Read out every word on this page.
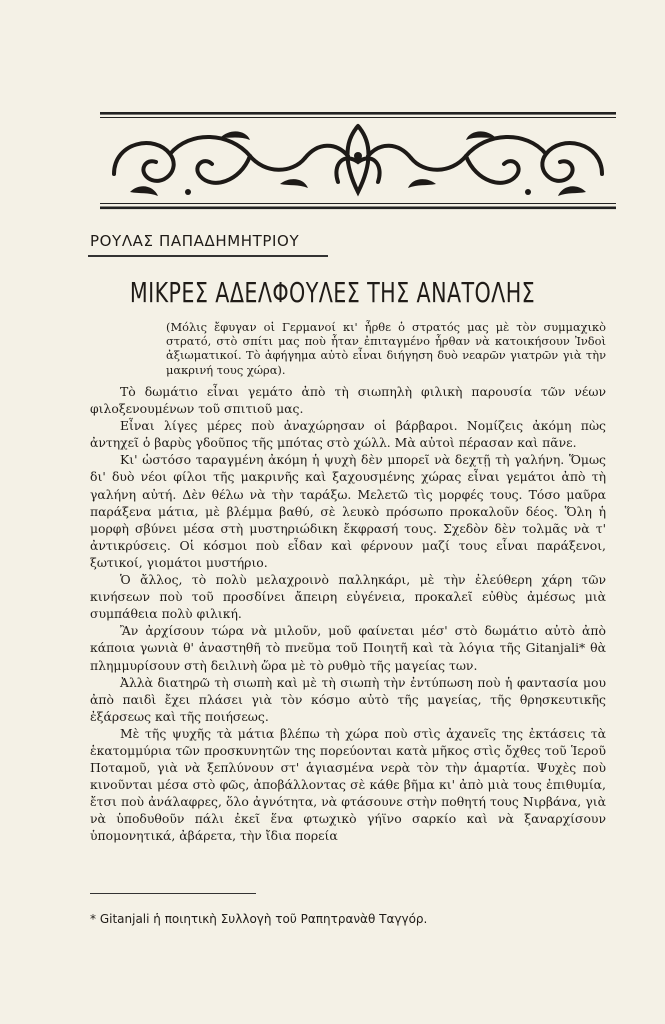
ΡΟΥΛΑΣ ΠΑΠΑΔΗΜΗΤΡΙΟΥ
ΜΙΚΡΕΣ ΑΔΕΛΦΟΥΛΕΣ ΤΗΣ ΑΝΑΤΟΛΗΣ
(Μόλις ἔφυγαν οἱ Γερμανοί κι' ἦρθε ὁ στρατός μας μὲ τὸν συμμαχικὸ στρατό, στὸ σπίτι μας ποὺ ἦταν ἐπιταγμένο ἦρθαν νὰ κατοικήσουν Ἰνδοὶ ἀξιωματικοί. Τὸ ἀφήγημα αὐτὸ εἶναι διήγηση δυὸ νεαρῶν γιατρῶν γιὰ τὴν μακρινή τους χώρα).

Τὸ δωμάτιο εἶναι γεμάτο ἀπὸ τὴ σιωπηλὴ φιλικὴ παρουσία τῶν νέων φιλοξενουμένων τοῦ σπιτιοῦ μας.

Εἶναι λίγες μέρες ποὺ ἀναχώρησαν οἱ βάρβαροι. Νομίζεις ἀκόμη πὼς ἀντηχεῖ ὁ βαρὺς γδοῦπος τῆς μπότας στὸ χώλλ. Μὰ αὐτοὶ πέρασαν καὶ πᾶνε.

Κι' ὡστόσο ταραγμένη ἀκόμη ἡ ψυχὴ δὲν μπορεῖ νὰ δεχτῇ τὴ γαλήνη. Ὅμως δι' δυὸ νέοι φίλοι τῆς μακρινῆς καὶ ξαχουσμένης χώρας εἶναι γεμάτοι ἀπὸ τὴ γαλήνη αὐτή. Δὲν θέλω νὰ τὴν ταράξω. Μελετῶ τὶς μορφές τους. Τόσο μαῦρα παράξενα μάτια, μὲ βλέμμα βαθύ, σὲ λευκὸ πρόσωπο προκαλοῦν δέος. Ὅλη ἡ μορφὴ σβύνει μέσα στὴ μυστηριώδικη ἔκφρασή τους. Σχεδὸν δὲν τολμᾶς νὰ τ' ἀντικρύσεις. Οἱ κόσμοι ποὺ εἶδαν καὶ φέρνουν μαζί τους εἶναι παράξενοι, ξωτικοί, γιομάτοι μυστήριο.

Ὁ ἄλλος, τὸ πολὺ μελαχροινὸ παλληκάρι, μὲ τὴν ἐλεύθερη χάρη τῶν κινήσεων ποὺ τοῦ προσδίνει ἄπειρη εὐγένεια, προκαλεῖ εὐθὺς ἀμέσως μιὰ συμπάθεια πολὺ φιλική.

Ἂν ἀρχίσουν τώρα νὰ μιλοῦν, μοῦ φαίνεται μέσ' στὸ δωμάτιο αὐτὸ ἀπὸ κάποια γωνιὰ θ' ἀναστηθῆ τὸ πνεῦμα τοῦ Ποιητῆ καὶ τὰ λόγια τῆς Gitanjali* θὰ πλημμυρίσουν στὴ δειλινὴ ὥρα μὲ τὸ ρυθμὸ τῆς μαγείας των.

Ἀλλὰ διατηρῶ τὴ σιωπὴ καὶ μὲ τὴ σιωπὴ τὴν ἐντύπωση ποὺ ἡ φαντασία μου ἀπὸ παιδὶ ἔχει πλάσει γιὰ τὸν κόσμο αὐτὸ τῆς μαγείας, τῆς θρησκευτικῆς ἐξάρσεως καὶ τῆς ποιήσεως.

Μὲ τῆς ψυχῆς τὰ μάτια βλέπω τὴ χώρα ποὺ στὶς ἀχανεῖς της ἐκτάσεις τὰ ἑκατομμύρια τῶν προσκυνητῶν της πορεύονται κατὰ μῆκος στὶς ὄχθες τοῦ Ἱεροῦ Ποταμοῦ, γιὰ νὰ ξεπλύνουν στ' ἁγιασμένα νερὰ τὸν τὴν ἁμαρτία. Ψυχὲς ποὺ κινοῦνται μέσα στὸ φῶς, ἀποβάλλοντας σὲ κάθε βῆμα κι' ἀπὸ μιὰ τους ἐπιθυμία, ἔτσι ποὺ ἀνάλαφρες, ὅλο ἀγνότητα, νὰ φτάσουνε στὴν ποθητή τους Νιρβάνα, γιὰ νὰ ὑποδυθοῦν πάλι ἐκεῖ ἕνα φτωχικὸ γήϊνο σαρκίο καὶ νὰ ξαναρχίσουν ὑπομονητικά, ἀβάρετα, τὴν ἴδια πορεία

* Gitanjali ἡ ποιητικὴ Συλλογὴ τοῦ Ραπητρανὰθ Ταγγόρ.
